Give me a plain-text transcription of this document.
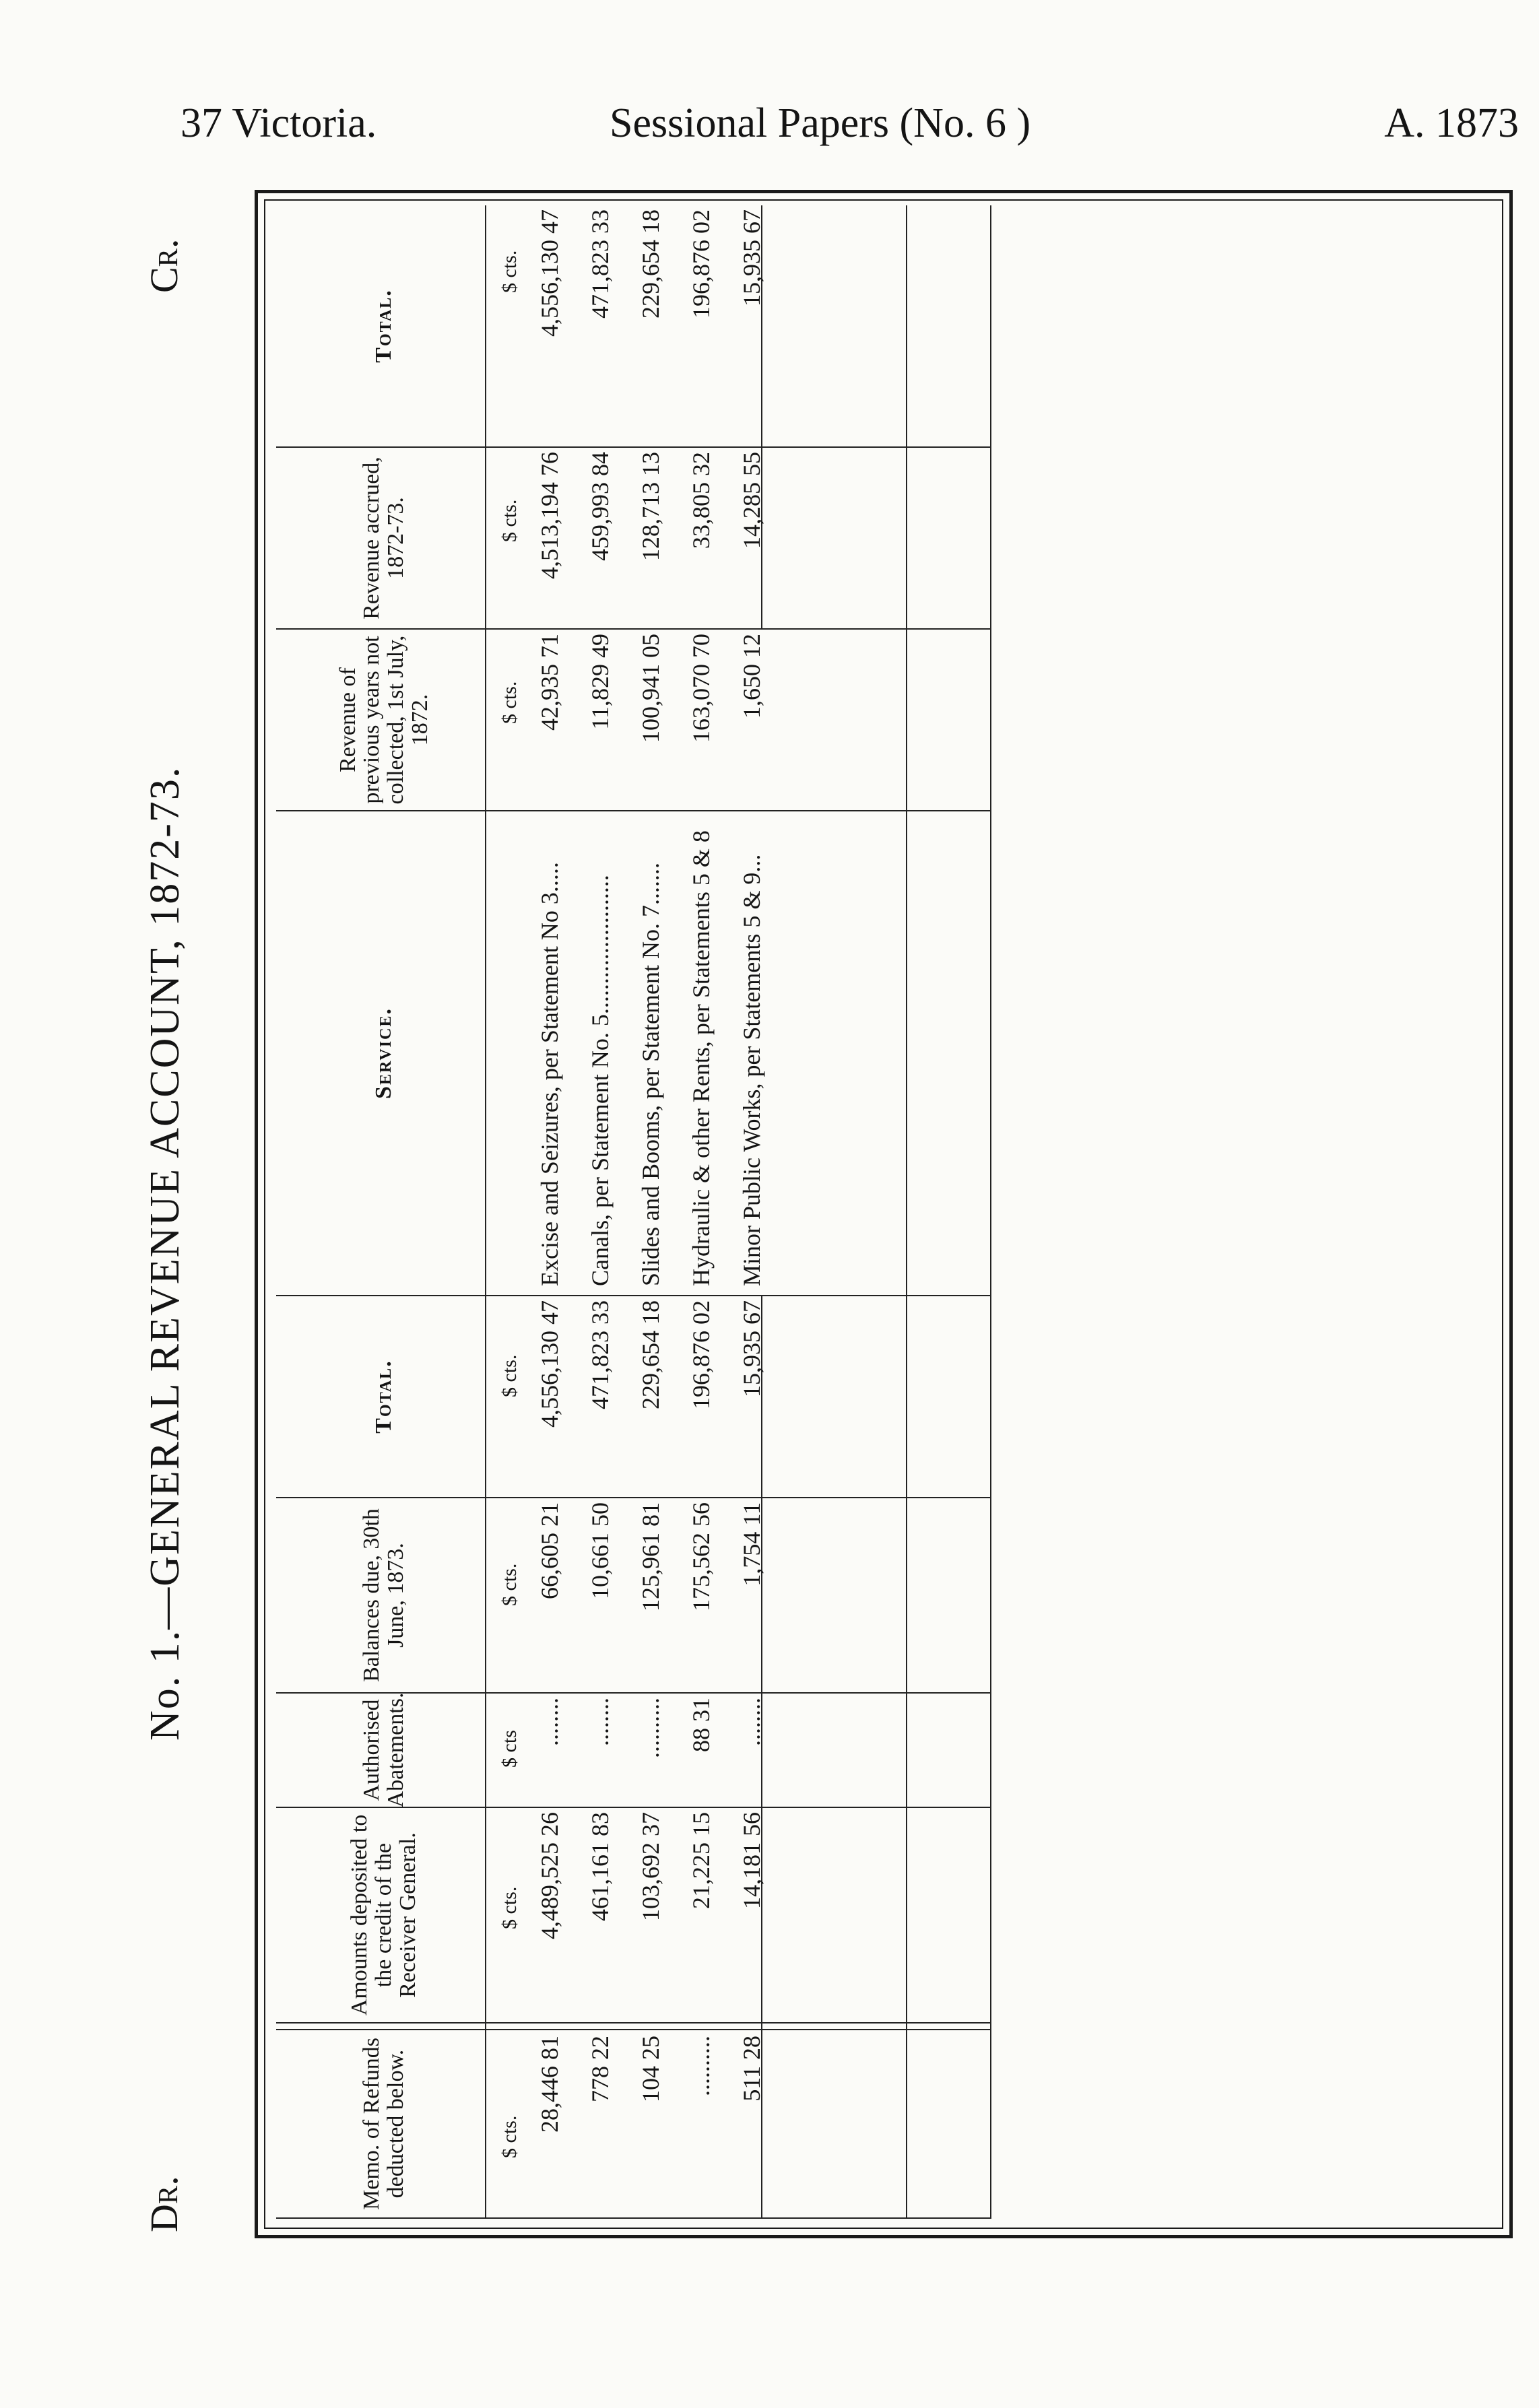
37 Victoria.	Sessional Papers (No. 6 )	A. 1873
No. 1.—GENERAL REVENUE ACCOUNT, 1872-73.
Dr.
Cr.
Memo. of Refunds deducted below.
Amounts deposited to the credit of the Receiver General.
Authorised Abatements.
Balances due, 30th June, 1873.
Total.
Service.
Revenue of previous years not collected, 1st July, 1872.
Revenue accrued, 1872-73.
Total.
$ cts.
$ cts.
$ cts
$ cts.
$ cts.
$ cts.
$ cts.
$ cts.
28,446 81
4,489,525 26
........
66,605 21
4,556,130 47
Excise and Seizures, per Statement No 3.....
42,935 71
4,513,194 76
4,556,130 47
778 22
461,161 83
........
10,661 50
471,823 33
Canals, per Statement No. 5.......................
11,829 49
459,993 84
471,823 33
104 25
103,692 37
..........
125,961 81
229,654 18
Slides and Booms, per Statement No. 7.......
100,941 05
128,713 13
229,654 18
..........
21,225 15
88 31
175,562 56
196,876 02
Hydraulic & other Rents, per Statements 5 & 8
163,070 70
33,805 32
196,876 02
511 28
14,181 56
........
1,754 11
15,935 67
Minor Public Works, per Statements 5 & 9...
1,650 12
14,285 55
15,935 67
